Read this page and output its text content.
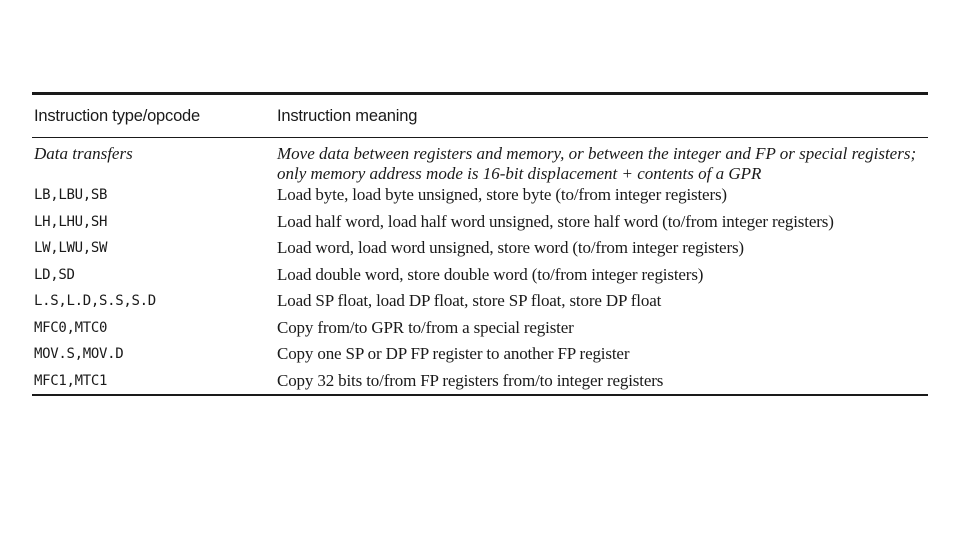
Instruction type/opcode	Instruction meaning
Data transfers	Move data between registers and memory, or between the integer and FP or special registers; only memory address mode is 16-bit displacement + contents of a GPR
LB,LBU,SB	Load byte, load byte unsigned, store byte (to/from integer registers)
LH,LHU,SH	Load half word, load half word unsigned, store half word (to/from integer registers)
LW,LWU,SW	Load word, load word unsigned, store word (to/from integer registers)
LD,SD	Load double word, store double word (to/from integer registers)
L.S,L.D,S.S,S.D	Load SP float, load DP float, store SP float, store DP float
MFC0,MTC0	Copy from/to GPR to/from a special register
MOV.S,MOV.D	Copy one SP or DP FP register to another FP register
MFC1,MTC1	Copy 32 bits to/from FP registers from/to integer registers
